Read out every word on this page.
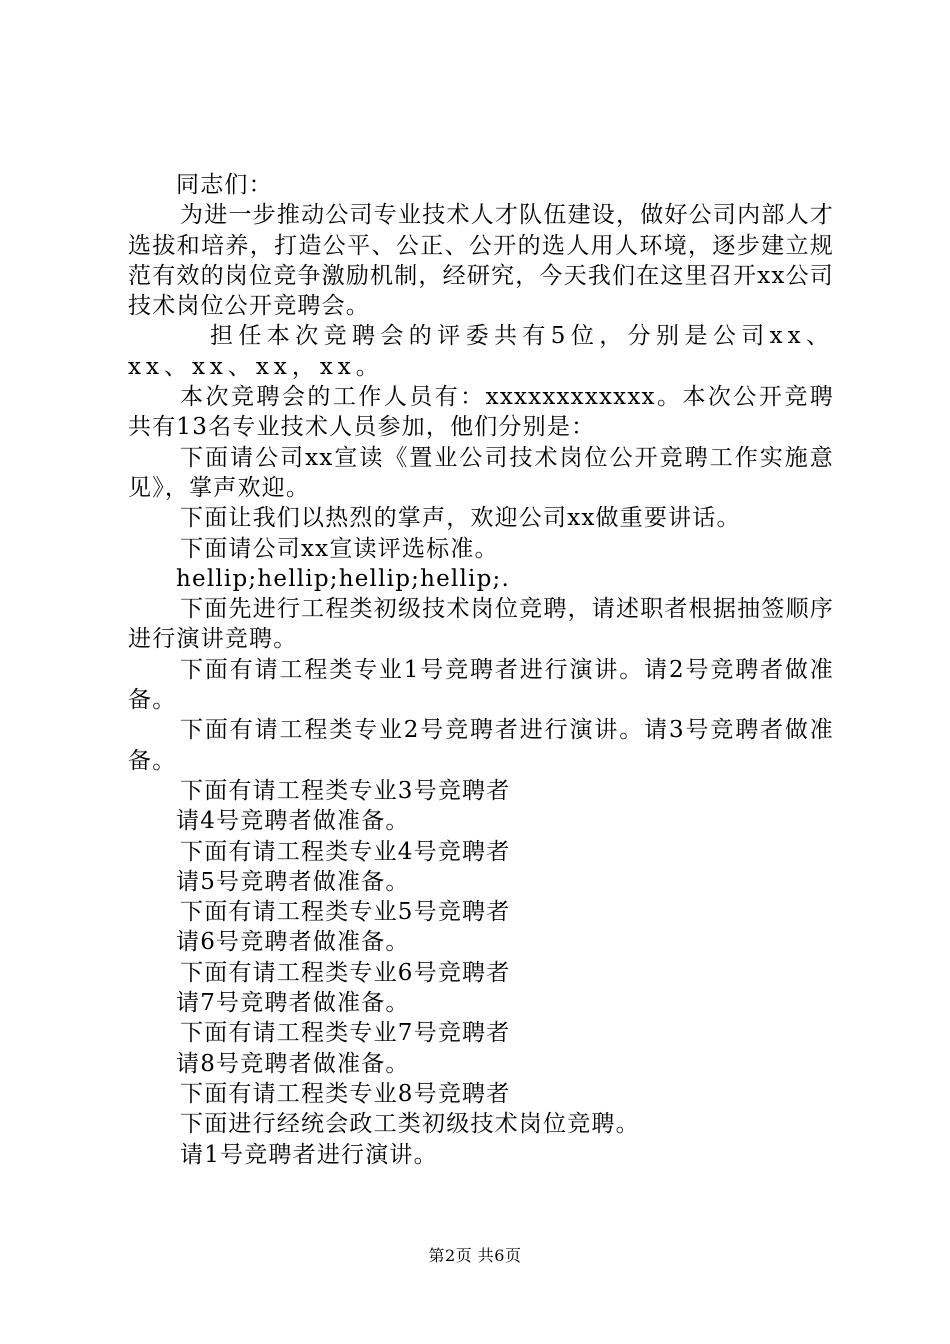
同志们：

为进一步推动公司专业技术人才队伍建设，做好公司内部人才选拔和培养，打造公平、公正、公开的选人用人环境，逐步建立规范有效的岗位竞争激励机制，经研究，今天我们在这里召开xx公司技术岗位公开竞聘会。

担任本次竞聘会的评委共有5位，分别是公司xx、xx、xx、xx，xx。

本次竞聘会的工作人员有：xxxxxxxxxxxx。本次公开竞聘共有13名专业技术人员参加，他们分别是：

下面请公司xx宣读《置业公司技术岗位公开竞聘工作实施意见》，掌声欢迎。

下面让我们以热烈的掌声，欢迎公司xx做重要讲话。

下面请公司xx宣读评选标准。

hellip;hellip;hellip;hellip;.

下面先进行工程类初级技术岗位竞聘，请述职者根据抽签顺序进行演讲竞聘。

下面有请工程类专业1号竞聘者进行演讲。请2号竞聘者做准备。

下面有请工程类专业2号竞聘者进行演讲。请3号竞聘者做准备。

下面有请工程类专业3号竞聘者

请4号竞聘者做准备。

下面有请工程类专业4号竞聘者

请5号竞聘者做准备。

下面有请工程类专业5号竞聘者

请6号竞聘者做准备。

下面有请工程类专业6号竞聘者

请7号竞聘者做准备。

下面有请工程类专业7号竞聘者

请8号竞聘者做准备。

下面有请工程类专业8号竞聘者

下面进行经统会政工类初级技术岗位竞聘。

请1号竞聘者进行演讲。

第2页 共6页
